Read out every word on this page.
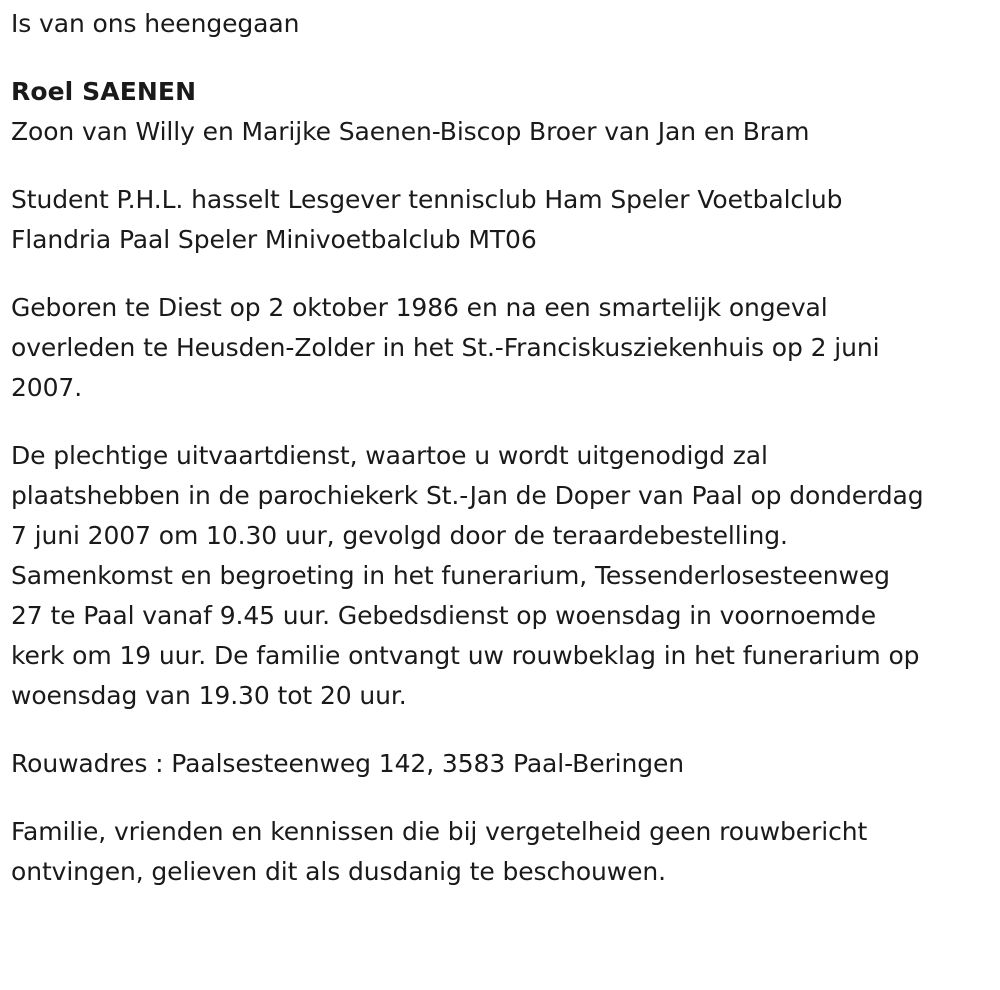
Is van ons heengegaan

Roel SAENEN

Zoon van Willy en Marijke Saenen-Biscop Broer van Jan en Bram

Student P.H.L. hasselt Lesgever tennisclub Ham Speler Voetbalclub
Flandria Paal Speler Minivoetbalclub MT06

Geboren te Diest op 2 oktober 1986 en na een smartelijk ongeval
overleden te Heusden-Zolder in het St.-Franciskusziekenhuis op 2 juni
2007.

De plechtige uitvaartdienst, waartoe u wordt uitgenodigd zal
plaatshebben in de parochiekerk St.-Jan de Doper van Paal op donderdag
7 juni 2007 om 10.30 uur, gevolgd door de teraardebestelling.
Samenkomst en begroeting in het funerarium, Tessenderlosesteenweg
27 te Paal vanaf 9.45 uur. Gebedsdienst op woensdag in voornoemde
kerk om 19 uur. De familie ontvangt uw rouwbeklag in het funerarium op
woensdag van 19.30 tot 20 uur.

Rouwadres : Paalsesteenweg 142, 3583 Paal-Beringen

Familie, vrienden en kennissen die bij vergetelheid geen rouwbericht
ontvingen, gelieven dit als dusdanig te beschouwen.
